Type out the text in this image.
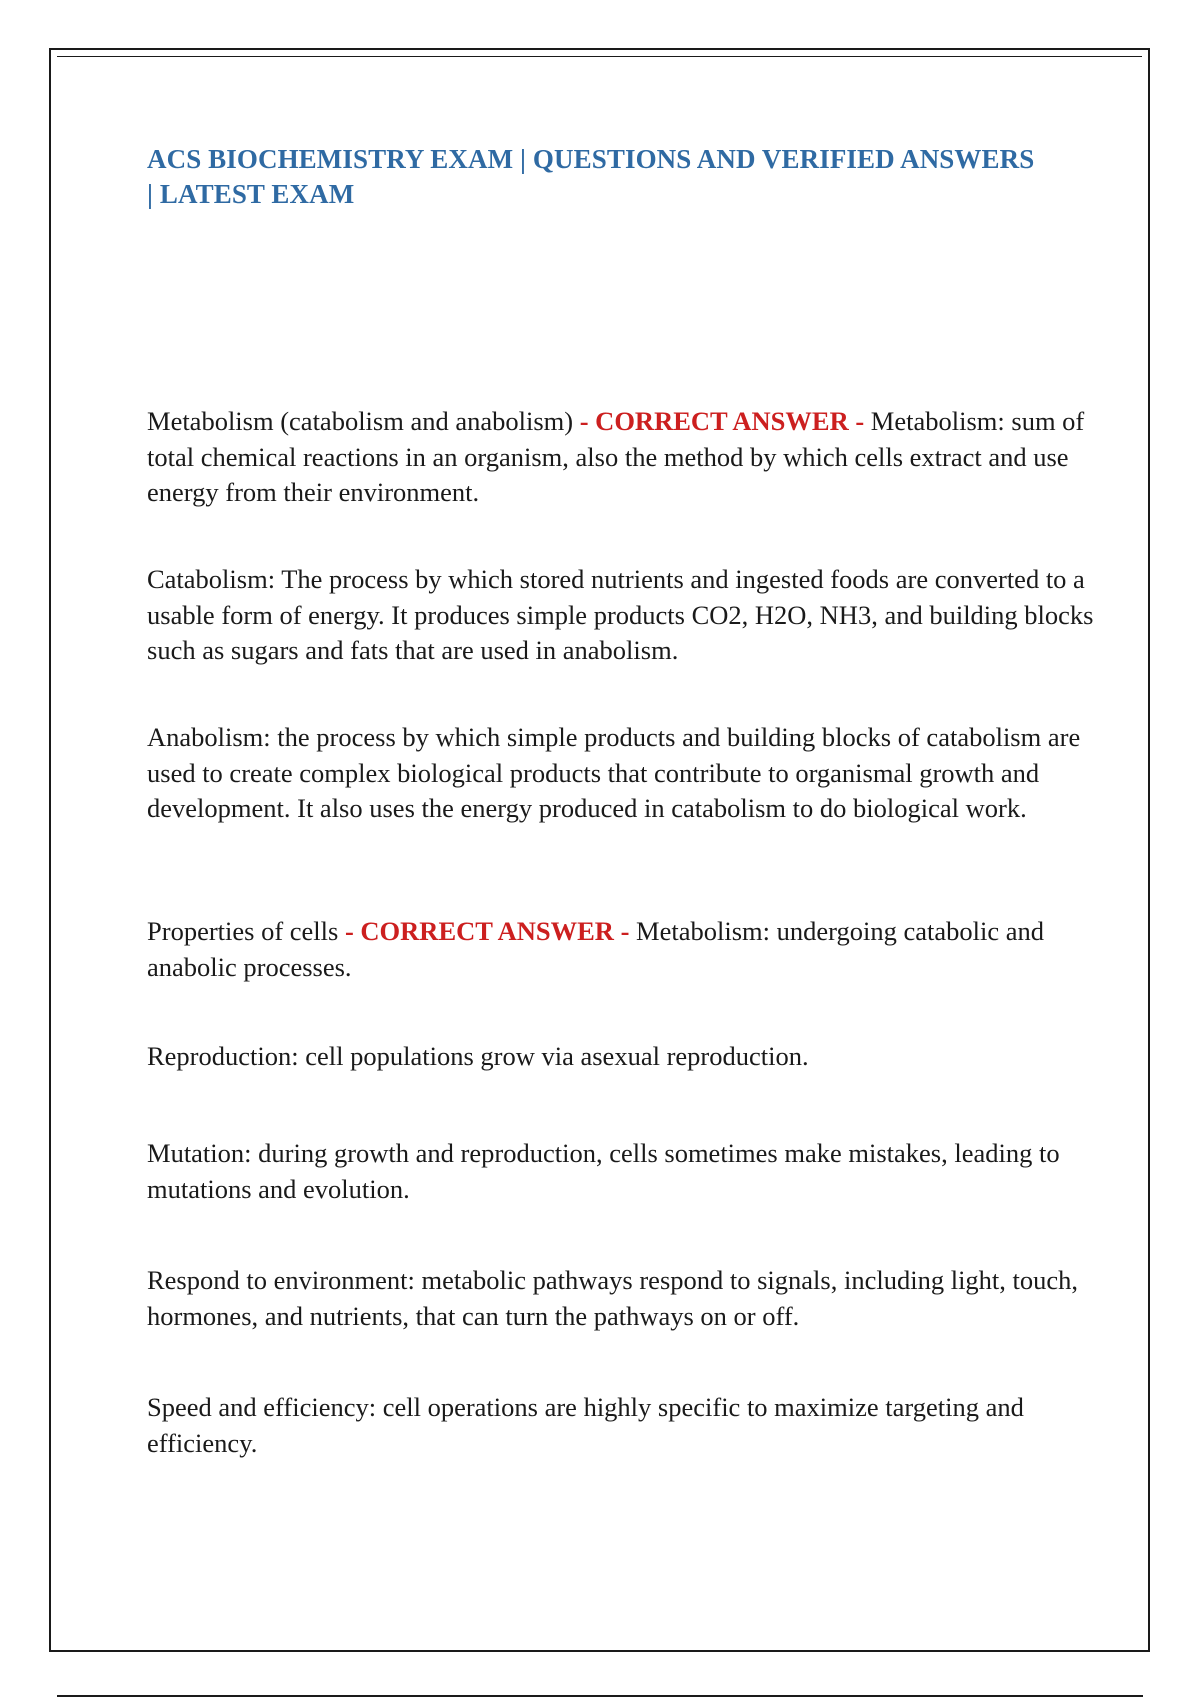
ACS BIOCHEMISTRY EXAM | QUESTIONS AND VERIFIED ANSWERS | LATEST EXAM

Metabolism (catabolism and anabolism) - CORRECT ANSWER - Metabolism: sum of total chemical reactions in an organism, also the method by which cells extract and use energy from their environment.

Catabolism: The process by which stored nutrients and ingested foods are converted to a usable form of energy. It produces simple products CO2, H2O, NH3, and building blocks such as sugars and fats that are used in anabolism.

Anabolism: the process by which simple products and building blocks of catabolism are used to create complex biological products that contribute to organismal growth and development. It also uses the energy produced in catabolism to do biological work.

Properties of cells - CORRECT ANSWER - Metabolism: undergoing catabolic and anabolic processes.

Reproduction: cell populations grow via asexual reproduction.

Mutation: during growth and reproduction, cells sometimes make mistakes, leading to mutations and evolution.

Respond to environment: metabolic pathways respond to signals, including light, touch, hormones, and nutrients, that can turn the pathways on or off.

Speed and efficiency: cell operations are highly specific to maximize targeting and efficiency.
